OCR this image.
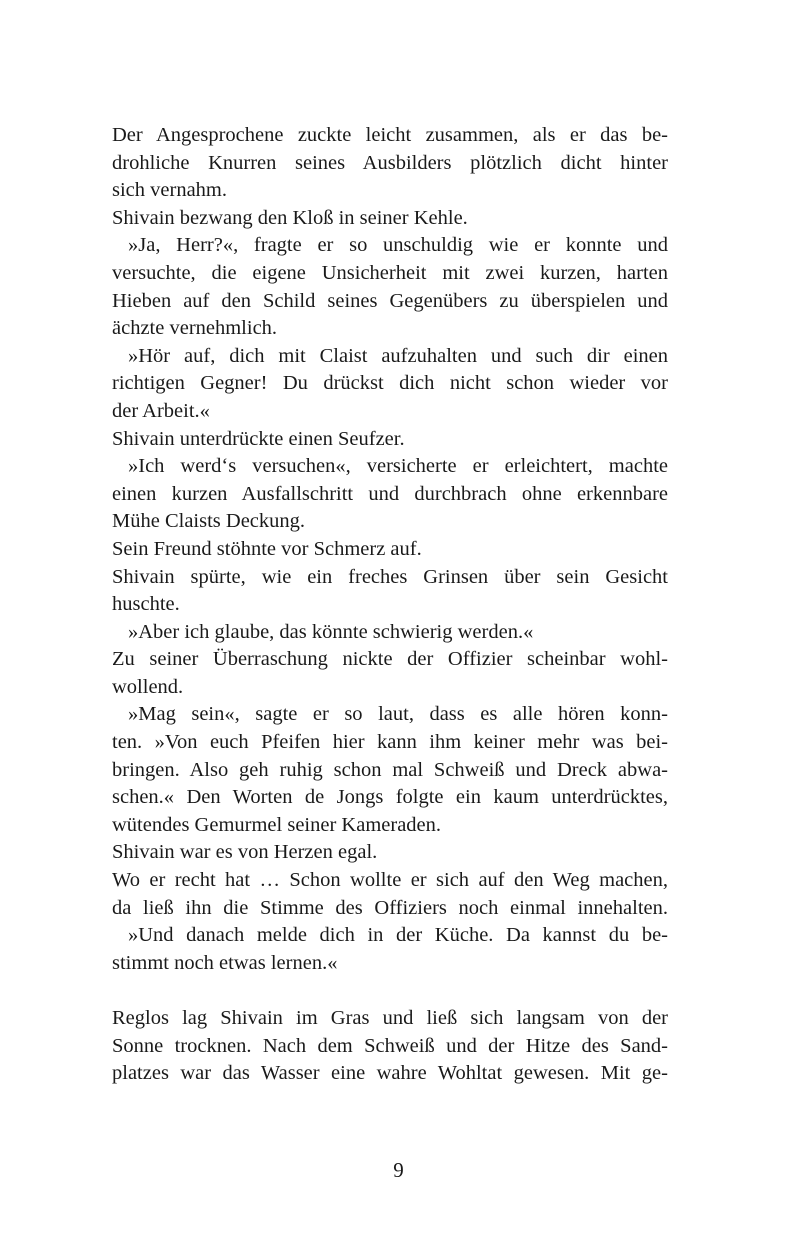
Der Angesprochene zuckte leicht zusammen, als er das be-
drohliche Knurren seines Ausbilders plötzlich dicht hinter
sich vernahm.
Shivain bezwang den Kloß in seiner Kehle.
»Ja, Herr?«, fragte er so unschuldig wie er konnte und
versuchte, die eigene Unsicherheit mit zwei kurzen, harten
Hieben auf den Schild seines Gegenübers zu überspielen und
ächzte vernehmlich.
»Hör auf, dich mit Claist aufzuhalten und such dir einen
richtigen Gegner! Du drückst dich nicht schon wieder vor
der Arbeit.«
Shivain unterdrückte einen Seufzer.
»Ich werd‘s versuchen«, versicherte er erleichtert, machte
einen kurzen Ausfallschritt und durchbrach ohne erkennbare
Mühe Claists Deckung.
Sein Freund stöhnte vor Schmerz auf.
Shivain spürte, wie ein freches Grinsen über sein Gesicht
huschte.
»Aber ich glaube, das könnte schwierig werden.«
Zu seiner Überraschung nickte der Offizier scheinbar wohl-
wollend.
»Mag sein«, sagte er so laut, dass es alle hören konn-
ten. »Von euch Pfeifen hier kann ihm keiner mehr was bei-
bringen. Also geh ruhig schon mal Schweiß und Dreck abwa-
schen.« Den Worten de Jongs folgte ein kaum unterdrücktes,
wütendes Gemurmel seiner Kameraden.
Shivain war es von Herzen egal.
Wo er recht hat … Schon wollte er sich auf den Weg machen,
da ließ ihn die Stimme des Offiziers noch einmal innehalten.
»Und danach melde dich in der Küche. Da kannst du be-
stimmt noch etwas lernen.«
Reglos lag Shivain im Gras und ließ sich langsam von der
Sonne trocknen. Nach dem Schweiß und der Hitze des Sand-
platzes war das Wasser eine wahre Wohltat gewesen. Mit ge-
9
